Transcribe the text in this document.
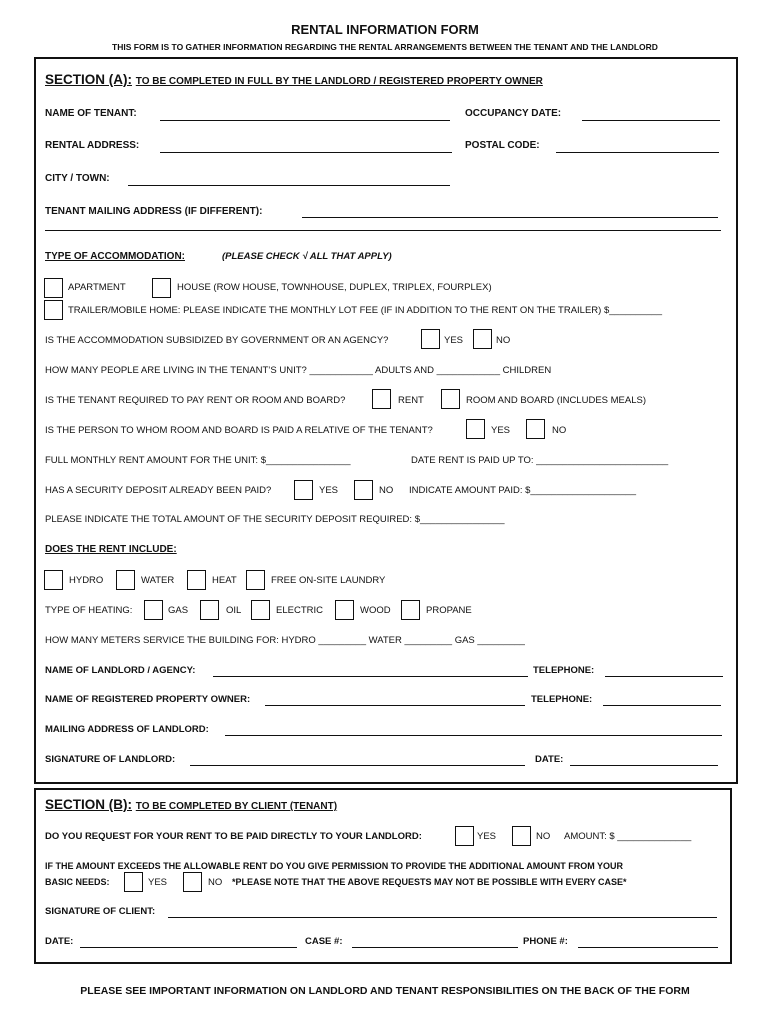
RENTAL INFORMATION FORM
THIS FORM IS TO GATHER INFORMATION REGARDING THE RENTAL ARRANGEMENTS BETWEEN THE TENANT AND THE LANDLORD
SECTION (A): TO BE COMPLETED IN FULL BY THE LANDLORD / REGISTERED PROPERTY OWNER
NAME OF TENANT:	OCCUPANCY DATE:
RENTAL ADDRESS:	POSTAL CODE:
CITY / TOWN:
TENANT MAILING ADDRESS (IF DIFFERENT):
TYPE OF ACCOMMODATION:	(PLEASE CHECK √ ALL THAT APPLY)
APARTMENT	HOUSE (ROW HOUSE, TOWNHOUSE, DUPLEX, TRIPLEX, FOURPLEX)
TRAILER/MOBILE HOME: PLEASE INDICATE THE MONTHLY LOT FEE (IF IN ADDITION TO THE RENT ON THE TRAILER) $__________
IS THE ACCOMMODATION SUBSIDIZED BY GOVERNMENT OR AN AGENCY?	YES	NO
HOW MANY PEOPLE ARE LIVING IN THE TENANT’S UNIT? ____________ ADULTS AND ____________ CHILDREN
IS THE TENANT REQUIRED TO PAY RENT OR ROOM AND BOARD?	RENT	ROOM AND BOARD (INCLUDES MEALS)
IS THE PERSON TO WHOM ROOM AND BOARD IS PAID A RELATIVE OF THE TENANT?	YES	NO
FULL MONTHLY RENT AMOUNT FOR THE UNIT: $________________	DATE RENT IS PAID UP TO: _________________________
HAS A SECURITY DEPOSIT ALREADY BEEN PAID?	YES	NO INDICATE AMOUNT PAID: $____________________
PLEASE INDICATE THE TOTAL AMOUNT OF THE SECURITY DEPOSIT REQUIRED: $________________
DOES THE RENT INCLUDE:
HYDRO	WATER	HEAT	FREE ON-SITE LAUNDRY
TYPE OF HEATING:	GAS	OIL	ELECTRIC	WOOD	PROPANE
HOW MANY METERS SERVICE THE BUILDING FOR: HYDRO _________ WATER _________ GAS _________
NAME OF LANDLORD / AGENCY:	TELEPHONE:
NAME OF REGISTERED PROPERTY OWNER:	TELEPHONE:
MAILING ADDRESS OF LANDLORD:
SIGNATURE OF LANDLORD:	DATE:
SECTION (B): TO BE COMPLETED BY CLIENT (TENANT)
DO YOU REQUEST FOR YOUR RENT TO BE PAID DIRECTLY TO YOUR LANDLORD:	YES	NO AMOUNT: $ ______________
IF THE AMOUNT EXCEEDS THE ALLOWABLE RENT DO YOU GIVE PERMISSION TO PROVIDE THE ADDITIONAL AMOUNT FROM YOUR
BASIC NEEDS:	YES	NO *PLEASE NOTE THAT THE ABOVE REQUESTS MAY NOT BE POSSIBLE WITH EVERY CASE*
SIGNATURE OF CLIENT:
DATE:	CASE #:	PHONE #:
PLEASE SEE IMPORTANT INFORMATION ON LANDLORD AND TENANT RESPONSIBILITIES ON THE BACK OF THE FORM
